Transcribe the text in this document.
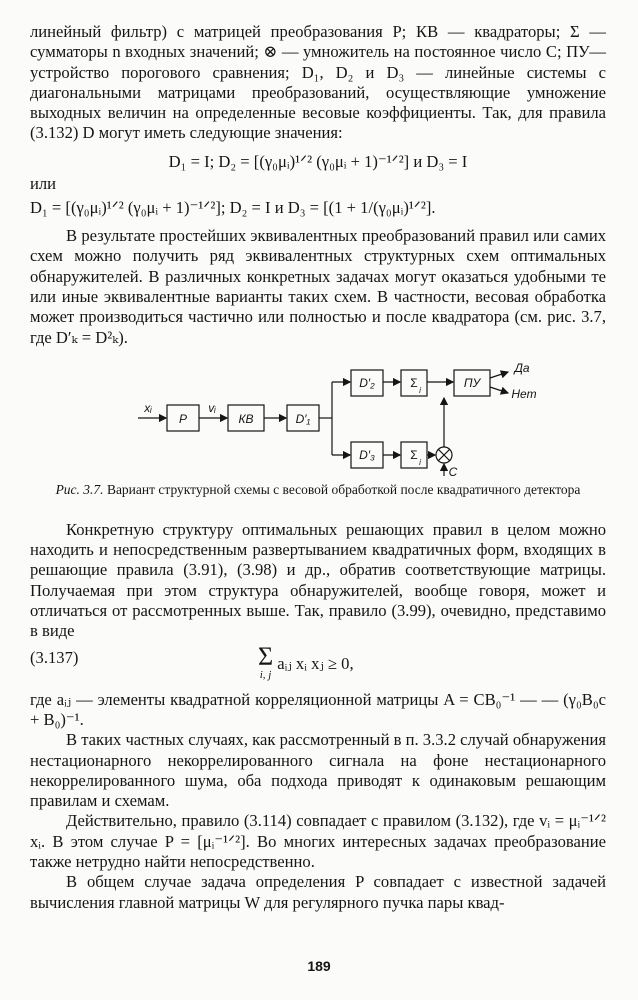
линейный фильтр) с матрицей преобразования P; КВ — квадраторы; Σ — сумматоры n входных значений; ⊗ — умножитель на постоянное число C; ПУ—устройство порогового сравнения; D₁, D₂ и D₃ — линейные системы с диагональными матрицами преобразований, осуществляющие умножение выходных величин на определенные весовые коэффициенты. Так, для правила (3.132) D могут иметь следующие значения:

D₁ = I; D₂ = [(γ₀μᵢ)¹ᐟ² (γ₀μᵢ + 1)⁻¹ᐟ²] и D₃ = I

или

D₁ = [(γ₀μᵢ)¹ᐟ² (γ₀μᵢ + 1)⁻¹ᐟ²]; D₂ = I и D₃ = [(1 + 1/(γ₀μᵢ)¹ᐟ²].

В результате простейших эквивалентных преобразований правил или самих схем можно получить ряд эквивалентных структурных схем оптимальных обнаружителей. В различных конкретных задачах могут оказаться удобными те или иные эквивалентные варианты таких схем. В частности, весовая обработка может производиться частично или полностью и после квадратора (см. рис. 3.7, где D′ₖ = D²ₖ).

xᵢ	vᵢ
P	КВ	D′₁
D′₂
D′₃
Σ
Σ
i
i
ПУ
Да
Нет
C
Рис. 3.7. Вариант структурной схемы с весовой обработкой после квадратичного детектора

Конкретную структуру оптимальных решающих правил в целом можно находить и непосредственным развертыванием квадратичных форм, входящих в решающие правила (3.91), (3.98) и др., обратив соответствующие матрицы. Получаемая при этом структура обнаружителей, вообще говоря, может и отличаться от рассмотренных выше. Так, правило (3.99), очевидно, представимо в виде

Σ
i, j
aᵢⱼ xᵢ xⱼ ≥ 0,
(3.137)

где aᵢⱼ — элементы квадратной корреляционной матрицы A = CB₀⁻¹ — — (γ₀B₀c + B₀)⁻¹.

В таких частных случаях, как рассмотренный в п. 3.3.2 случай обнаружения нестационарного некоррелированного сигнала на фоне нестационарного некоррелированного шума, оба подхода приводят к одинаковым решающим правилам и схемам.

Действительно, правило (3.114) совпадает с правилом (3.132), где vᵢ = μᵢ⁻¹ᐟ² xᵢ. В этом случае P = [μᵢ⁻¹ᐟ²]. Во многих интересных задачах преобразование также нетрудно найти непосредственно.

В общем случае задача определения P совпадает с известной задачей вычисления главной матрицы W для регулярного пучка пары квад-

189
